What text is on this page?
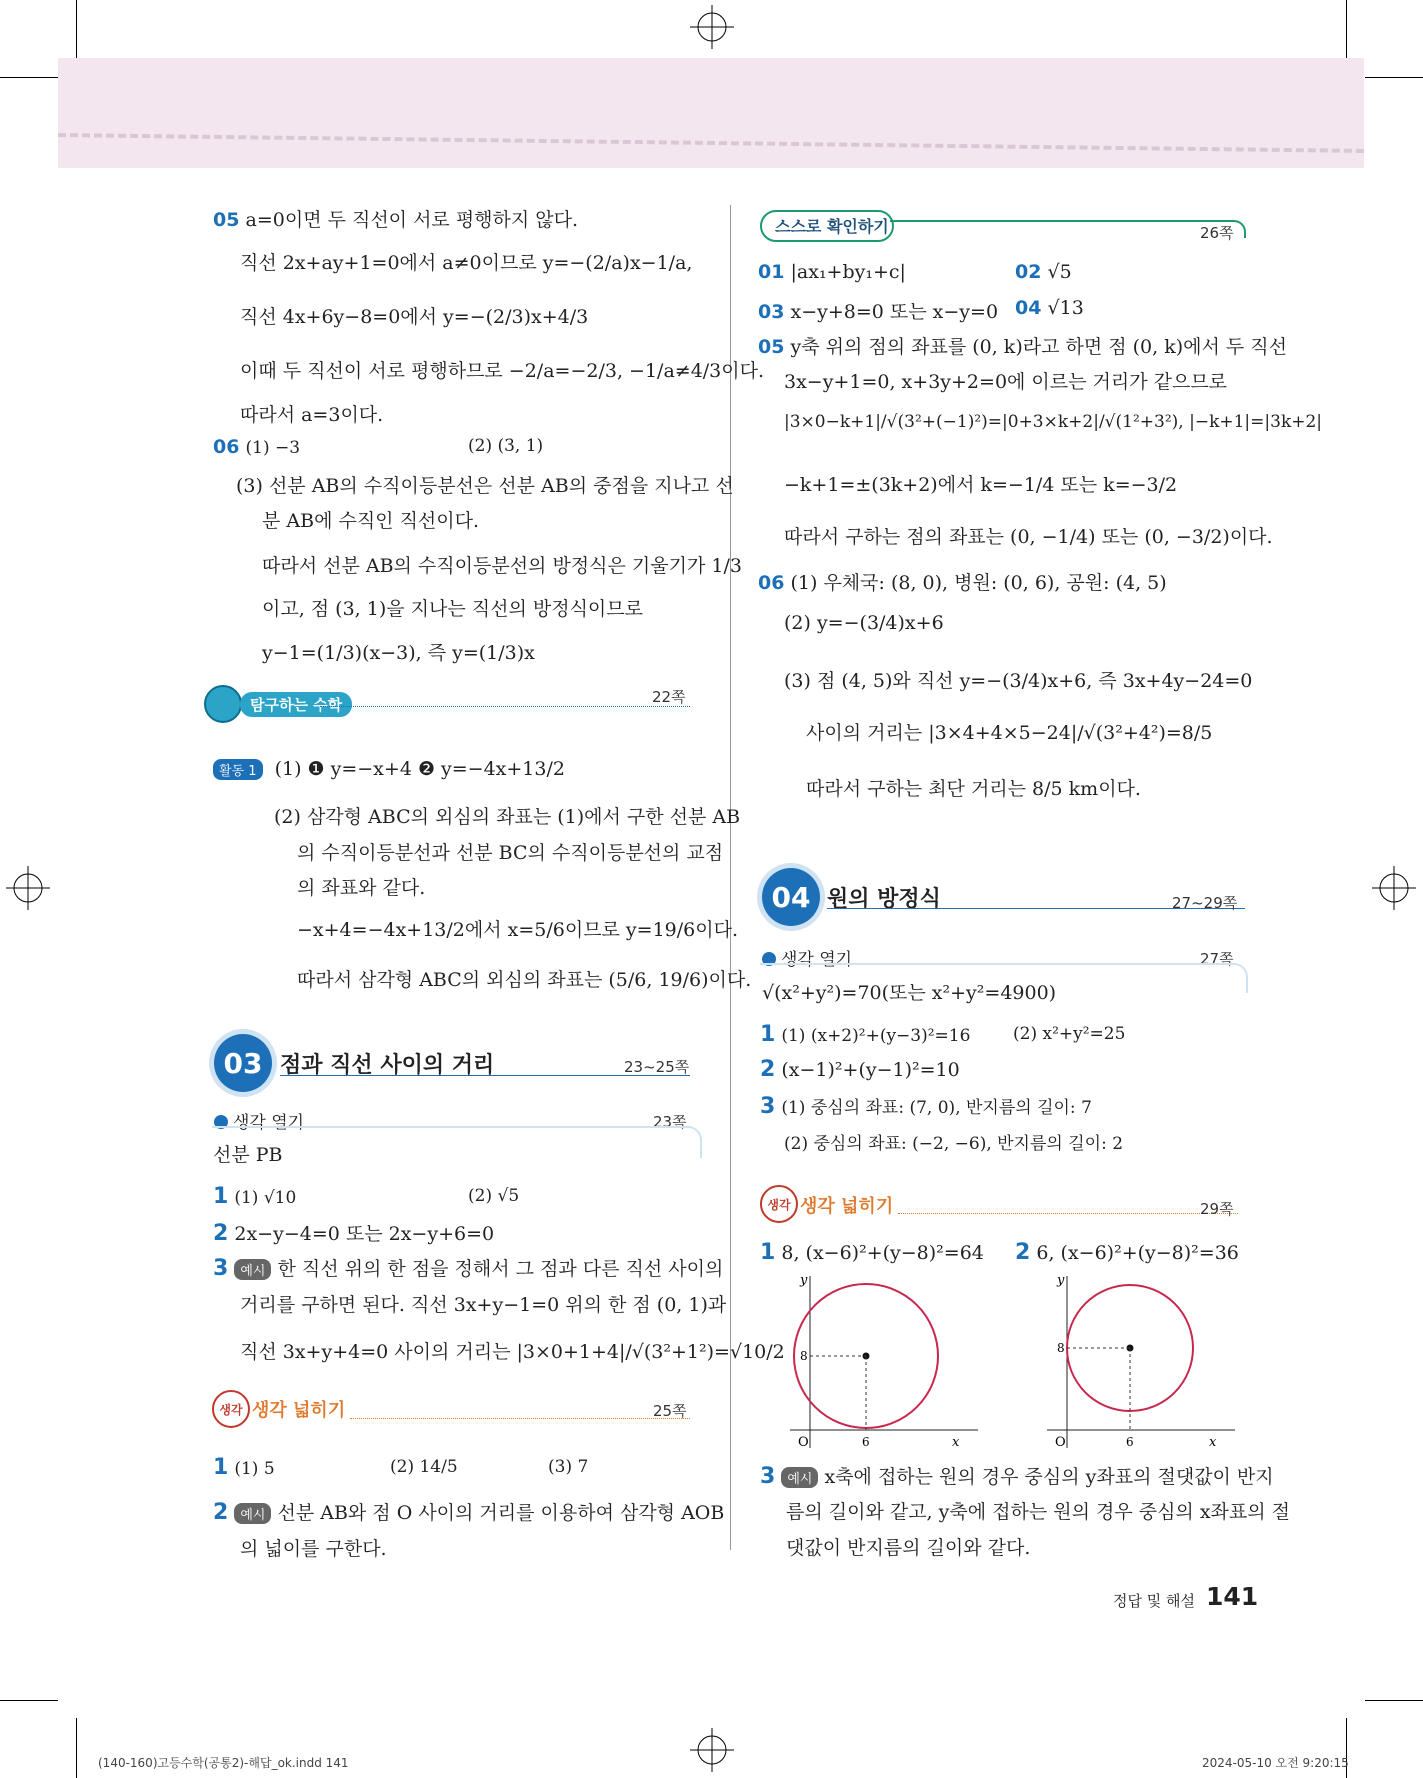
05 a=0이면 두 직선이 서로 평행하지 않다.
직선 2x+ay+1=0에서 a≠0이므로 y=−(2/a)x−1/a,
직선 4x+6y−8=0에서 y=−(2/3)x+4/3
이때 두 직선이 서로 평행하므로 −2/a=−2/3, −1/a≠4/3이다.
따라서 a=3이다.
06 (1) −3	(2) (3, 1)
(3) 선분 AB의 수직이등분선은 선분 AB의 중점을 지나고 선
분 AB에 수직인 직선이다.
따라서 선분 AB의 수직이등분선의 방정식은 기울기가 1/3
이고, 점 (3, 1)을 지나는 직선의 방정식이므로
y−1=(1/3)(x−3), 즉 y=(1/3)x
탐구하는 수학	22쪽
활동 1 (1) ❶ y=−x+4 ❷ y=−4x+13/2
(2) 삼각형 ABC의 외심의 좌표는 (1)에서 구한 선분 AB
의 수직이등분선과 선분 BC의 수직이등분선의 교점
의 좌표와 같다.
−x+4=−4x+13/2에서 x=5/6이므로 y=19/6이다.
따라서 삼각형 ABC의 외심의 좌표는 (5/6, 19/6)이다.
03 점과 직선 사이의 거리	23~25쪽
생각 열기	23쪽
선분 PB
1 (1) √10	(2) √5
2 2x−y−4=0 또는 2x−y+6=0
3 예시 한 직선 위의 한 점을 정해서 그 점과 다른 직선 사이의
거리를 구하면 된다. 직선 3x+y−1=0 위의 한 점 (0, 1)과
직선 3x+y+4=0 사이의 거리는 |3×0+1+4|/√(3²+1²)=√10/2
생각 생각 넓히기	25쪽
1 (1) 5	(2) 14/5	(3) 7
2 예시 선분 AB와 점 O 사이의 거리를 이용하여 삼각형 AOB
의 넓이를 구한다.
스스로 확인하기	26쪽
01 |ax₁+by₁+c|	02 √5
03 x−y+8=0 또는 x−y=0 04 √13
05 y축 위의 점의 좌표를 (0, k)라고 하면 점 (0, k)에서 두 직선
3x−y+1=0, x+3y+2=0에 이르는 거리가 같으므로
|3×0−k+1|/√(3²+(−1)²)=|0+3×k+2|/√(1²+3²), |−k+1|=|3k+2|
−k+1=±(3k+2)에서 k=−1/4 또는 k=−3/2
따라서 구하는 점의 좌표는 (0, −1/4) 또는 (0, −3/2)이다.
06 (1) 우체국: (8, 0), 병원: (0, 6), 공원: (4, 5)
(2) y=−(3/4)x+6
(3) 점 (4, 5)와 직선 y=−(3/4)x+6, 즉 3x+4y−24=0
사이의 거리는 |3×4+4×5−24|/√(3²+4²)=8/5
따라서 구하는 최단 거리는 8/5 km이다.
04 원의 방정식	27~29쪽
생각 열기	27쪽
√(x²+y²)=70(또는 x²+y²=4900)
1 (1) (x+2)²+(y−3)²=16	(2) x²+y²=25
2 (x−1)²+(y−1)²=10
3 (1) 중심의 좌표: (7, 0), 반지름의 길이: 7
(2) 중심의 좌표: (−2, −6), 반지름의 길이: 2
생각 생각 넓히기	29쪽
1 8, (x−6)²+(y−8)²=64 2 6, (x−6)²+(y−8)²=36
y
x
O
8
6
y
x
O
8
6
3 예시 x축에 접하는 원의 경우 중심의 y좌표의 절댓값이 반지
름의 길이와 같고, y축에 접하는 원의 경우 중심의 x좌표의 절
댓값이 반지름의 길이와 같다.
정답 및 해설 141
(140-160)고등수학(공통2)-해답_ok.indd 141	2024-05-10 오전 9:20:15
